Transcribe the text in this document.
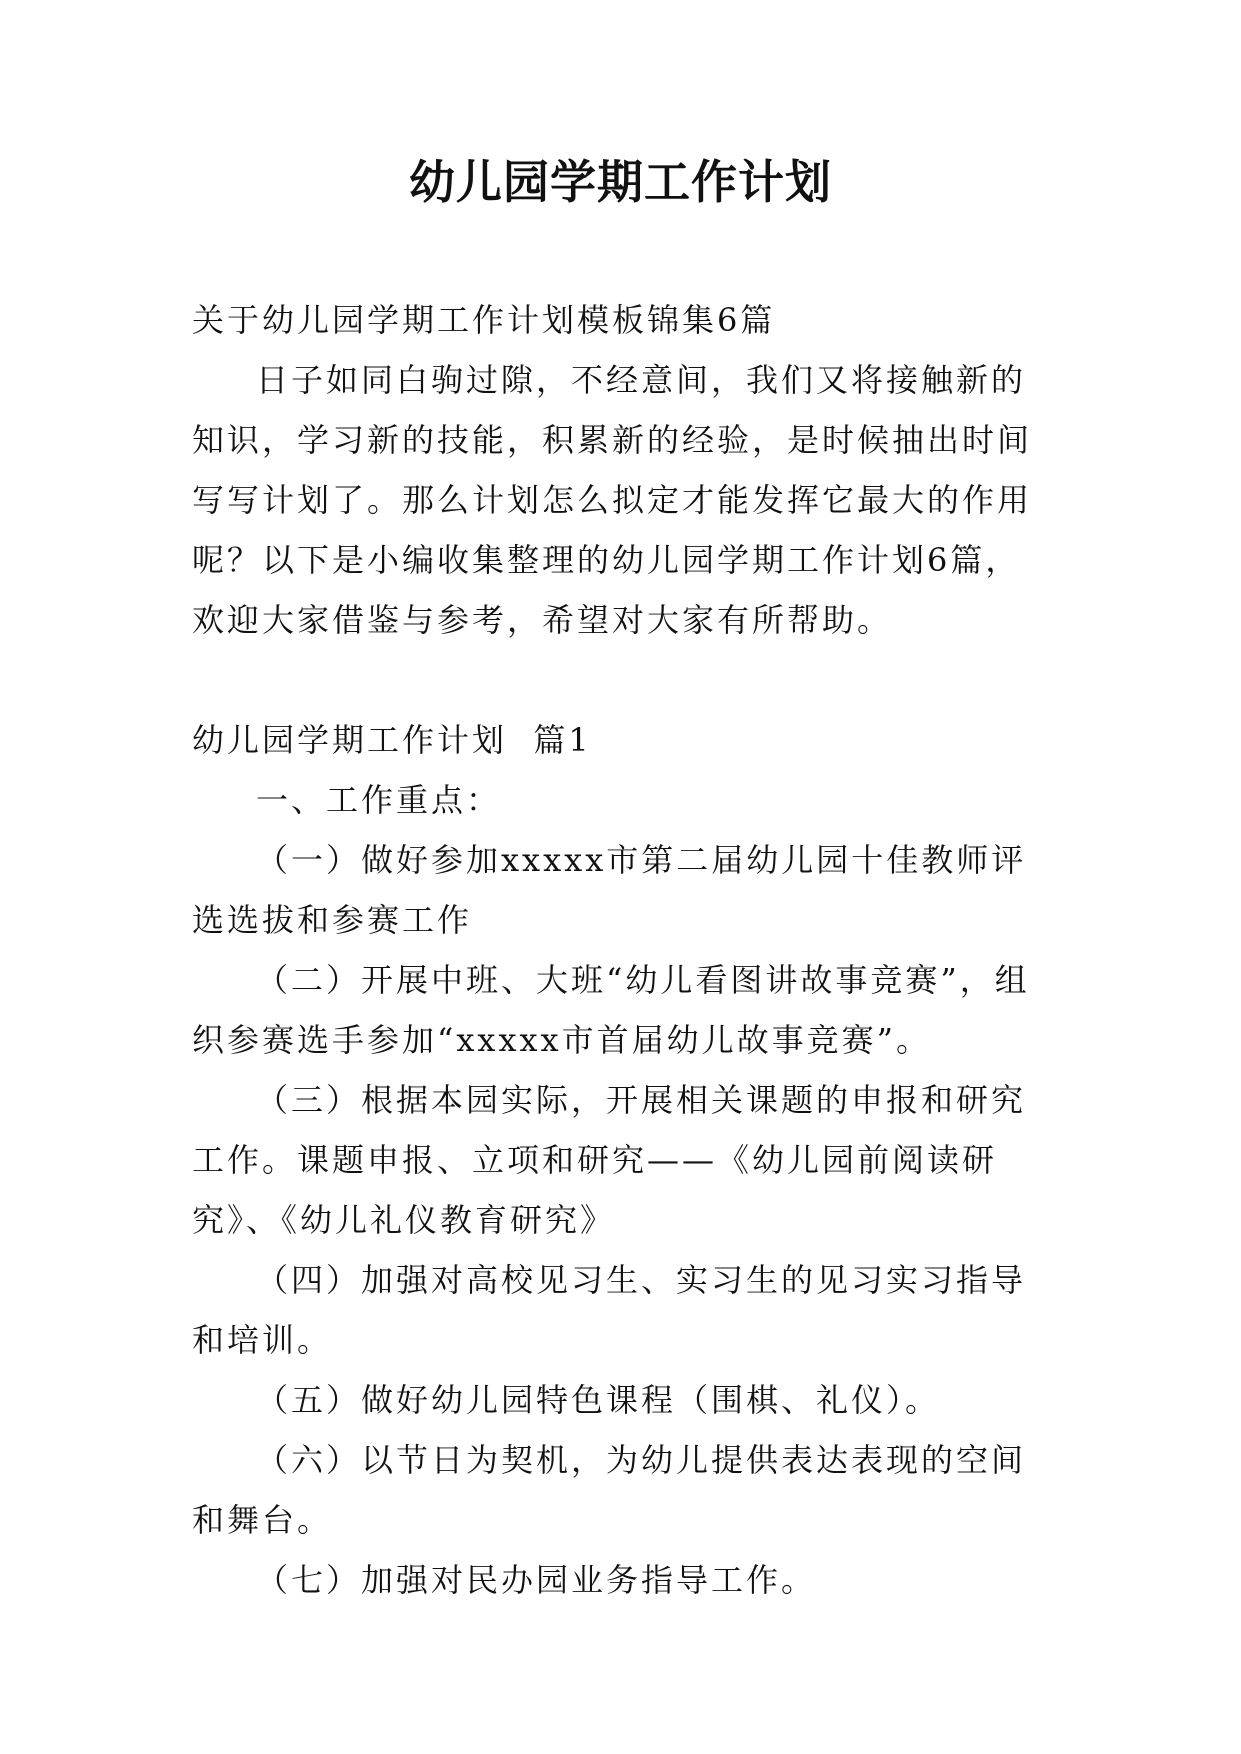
幼儿园学期工作计划

关于幼儿园学期工作计划模板锦集6篇

日子如同白驹过隙，不经意间，我们又将接触新的知识，学习新的技能，积累新的经验，是时候抽出时间写写计划了。那么计划怎么拟定才能发挥它最大的作用呢？以下是小编收集整理的幼儿园学期工作计划6篇，欢迎大家借鉴与参考，希望对大家有所帮助。

幼儿园学期工作计划  篇1

一、工作重点：

（一）做好参加xxxxx市第二届幼儿园十佳教师评选选拔和参赛工作

（二）开展中班、大班“幼儿看图讲故事竞赛”，组织参赛选手参加“xxxxx市首届幼儿故事竞赛”。

（三）根据本园实际，开展相关课题的申报和研究工作。课题申报、立项和研究——《幼儿园前阅读研究》、《幼儿礼仪教育研究》

（四）加强对高校见习生、实习生的见习实习指导和培训。

（五）做好幼儿园特色课程（围棋、礼仪）。

（六）以节日为契机，为幼儿提供表达表现的空间和舞台。

（七）加强对民办园业务指导工作。
